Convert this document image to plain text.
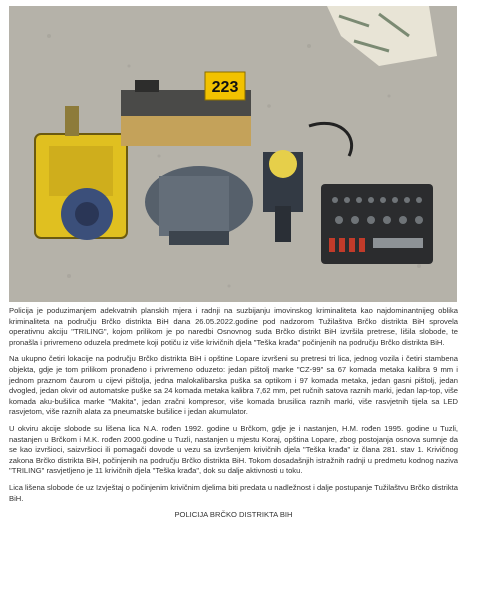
223

Policija je poduzimanjem adekvatnih planskih mjera i radnji na suzbijanju imovinskog kriminaliteta kao najdominantnijeg oblika kriminaliteta na području Brčko distrikta BiH dana 26.05.2022.godine pod nadzorom Tužilaštva Brčko distrikta BiH sprovela operativnu akciju "TRILING", kojom prilikom je po naredbi Osnovnog suda Brčko distrikt BiH izvršila pretrese, lišila slobode, te pronašla i privremeno oduzela predmete koji potiču iz više krivičnih djela "Teška krađa" počinjenih na području Brčko distrikta BiH.

Na ukupno četiri lokacije na području Brčko distrikta BiH i opštine Lopare izvršeni su pretresi tri lica, jednog vozila i četiri stambena objekta, gdje je tom prilikom pronađeno i privremeno oduzeto: jedan pištolj marke "CZ-99" sa 67 komada metaka kalibra 9 mm i jednom praznom čaurom u cijevi pištolja, jedna malokalibarska puška sa optikom i 97 komada metaka, jedan gasni pištolj, jedan dvogled, jedan okvir od automatske puške sa 24 komada metaka kalibra 7,62 mm, pet ručnih satova raznih marki, jedan lap-top, više komada aku-bušilica marke "Makita", jedan zračni kompresor, više komada brusilica raznih marki, više rasvjetnih tijela sa LED rasvjetom, više raznih alata za pneumatske bušilice i jedan akumulator.

U okviru akcije slobode su lišena lica N.A. rođen 1992. godine u Brčkom, gdje je i nastanjen, H.M. rođen 1995. godine u Tuzli, nastanjen u Brčkom i M.K. rođen 2000.godine u Tuzli, nastanjen u mjestu Koraj, opština Lopare, zbog postojanja osnova sumnje da se kao izvršioci, saizvršioci ili pomagači dovode u vezu sa izvršenjem krivičnih djela "Teška krađa" iz člana 281. stav 1. Krivičnog zakona Brčko distrikta BiH, počinjenih na području Brčko distrikta BiH. Tokom dosadašnjih istražnih radnji u predmetu kodnog naziva "TRILING" rasvjetljeno je 11 krivičnih djela "Teška krađa", dok su dalje aktivnosti u toku.

Lica lišena slobode će uz Izvještaj o počinjenim krivičnim djelima biti predata u nadležnost i dalje postupanje Tužilaštvu Brčko distrikta BiH.

POLICIJA BRČKO DISTRIKTA BIH
